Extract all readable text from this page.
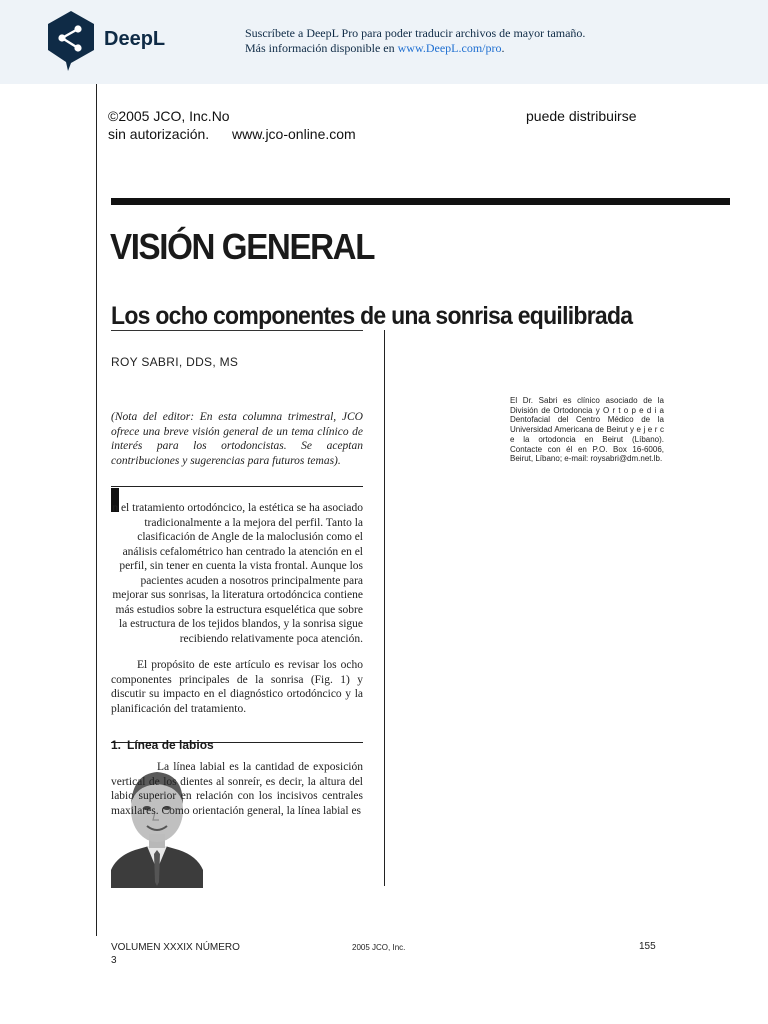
DeepL	Suscríbete a DeepL Pro para poder traducir archivos de mayor tamaño.
Más información disponible en www.DeepL.com/pro.
©2005 JCO, Inc.No	puede distribuirse
sin autorización. www.jco-online.com
VISIÓN GENERAL
Los ocho componentes de una sonrisa equilibrada
ROY SABRI, DDS, MS
El Dr. Sabri es clínico asociado de la División de Ortodoncia y O r t o p e d i a Dentofacial del Centro Médico de la Universidad Americana de Beirut y e j e r c e la ortodoncia en Beirut (Líbano). Contacte con él en P.O. Box 16-6006, Beirut, Líbano; e-mail: roysabri@dm.net.lb.
(Nota del editor: En esta columna trimestral, JCO ofrece una breve visión general de un tema clínico de interés para los ortodoncistas. Se aceptan contribuciones y sugerencias para futuros temas).
n el tratamiento ortodóncico, la estética se ha asociado tradicionalmente a la mejora del perfil. Tanto la clasificación de Angle de la maloclusión como el análisis cefalométrico han centrado la atención en el perfil, sin tener en cuenta la vista frontal. Aunque los pacientes acuden a nosotros principalmente para mejorar sus sonrisas, la literatura ortodóncica contiene más estudios sobre la estructura esquelética que sobre la estructura de los tejidos blandos, y la sonrisa sigue recibiendo relativamente poca atención.
El propósito de este artículo es revisar los ocho componentes principales de la sonrisa (Fig. 1) y discutir su impacto en el diagnóstico ortodóncico y la planificación del tratamiento.
1. Línea de labios
La línea labial es la cantidad de exposición vertical de los dientes al sonreír, es decir, la altura del labio superior en relación con los incisivos centrales maxilares. Como orientación general, la línea labial es
VOLUMEN XXXIX NÚMERO
3
2005 JCO, Inc.	155
